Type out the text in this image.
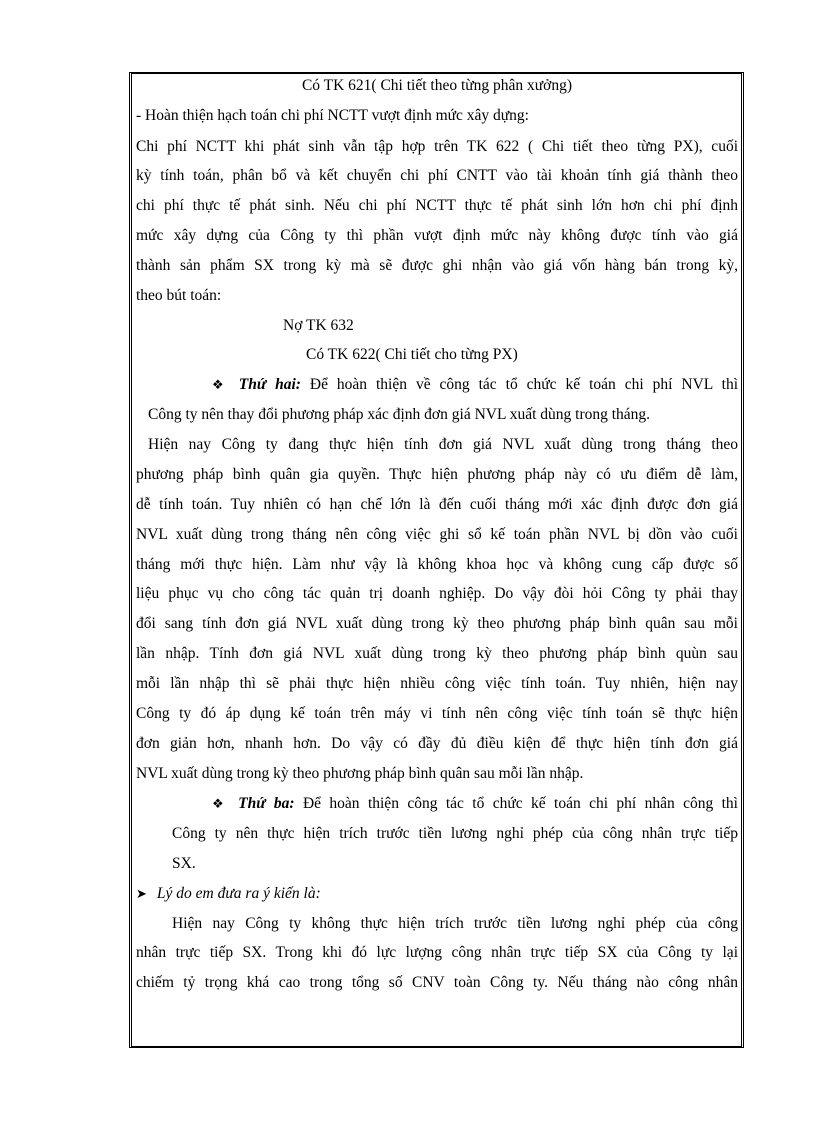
Có TK 621( Chi tiết theo từng phân xưởng)
- Hoàn thiện hạch toán chi phí NCTT vượt định mức xây dựng:
Chi phí NCTT khi phát sinh vẫn tập hợp trên TK 622 ( Chi tiết theo từng PX), cuối
kỳ tính toán, phân bổ và kết chuyển chi phí CNTT vào tài khoản tính giá thành theo
chi phí thực tế phát sinh. Nếu chi phí NCTT thực tế phát sinh lớn hơn chi phí định
mức xây dựng của Công ty thì phần vượt định mức này không được tính vào giá
thành sản phẩm SX trong kỳ mà sẽ được ghi nhận vào giá vốn hàng bán trong kỳ,
theo bút toán:
Nợ TK 632
Có TK 622( Chi tiết cho từng PX)
❖ Thứ hai: Để hoàn thiện về công tác tổ chức kế toán chi phí NVL thì
Công ty nên thay đổi phương pháp xác định đơn giá NVL xuất dùng trong tháng.
Hiện nay Công ty đang thực hiện tính đơn giá NVL xuất dùng trong tháng theo
phương pháp bình quân gia quyền. Thực hiện phương pháp này có ưu điểm dễ làm,
dễ tính toán. Tuy nhiên có hạn chế lớn là đến cuối tháng mới xác định được đơn giá
NVL xuất dùng trong tháng nên công việc ghi sổ kế toán phần NVL bị dồn vào cuối
tháng mới thực hiện. Làm như vậy là không khoa học và không cung cấp được số
liệu phục vụ cho công tác quản trị doanh nghiệp. Do vậy đòi hỏi Công ty phải thay
đổi sang tính đơn giá NVL xuất dùng trong kỳ theo phương pháp bình quân sau mỗi
lần nhập. Tính đơn giá NVL xuất dùng trong kỳ theo phương pháp bình quùn sau
mỗi lần nhập thì sẽ phải thực hiện nhiều công việc tính toán. Tuy nhiên, hiện nay
Công ty đó áp dụng kế toán trên máy vi tính nên công việc tính toán sẽ thực hiện
đơn giản hơn, nhanh hơn. Do vậy có đầy đủ điều kiện để thực hiện tính đơn giá
NVL xuất dùng trong kỳ theo phương pháp bình quân sau mỗi lần nhập.
❖ Thứ ba: Để hoàn thiện công tác tổ chức kế toán chi phí nhân công thì
Công ty nên thực hiện trích trước tiền lương nghỉ phép của công nhân trực tiếp
SX.
➤ Lý do em đưa ra ý kiến là:
Hiện nay Công ty không thực hiện trích trước tiền lương nghỉ phép của công
nhân trực tiếp SX. Trong khi đó lực lượng công nhân trực tiếp SX của Công ty lại
chiếm tỷ trọng khá cao trong tổng số CNV toàn Công ty. Nếu tháng nào công nhân
